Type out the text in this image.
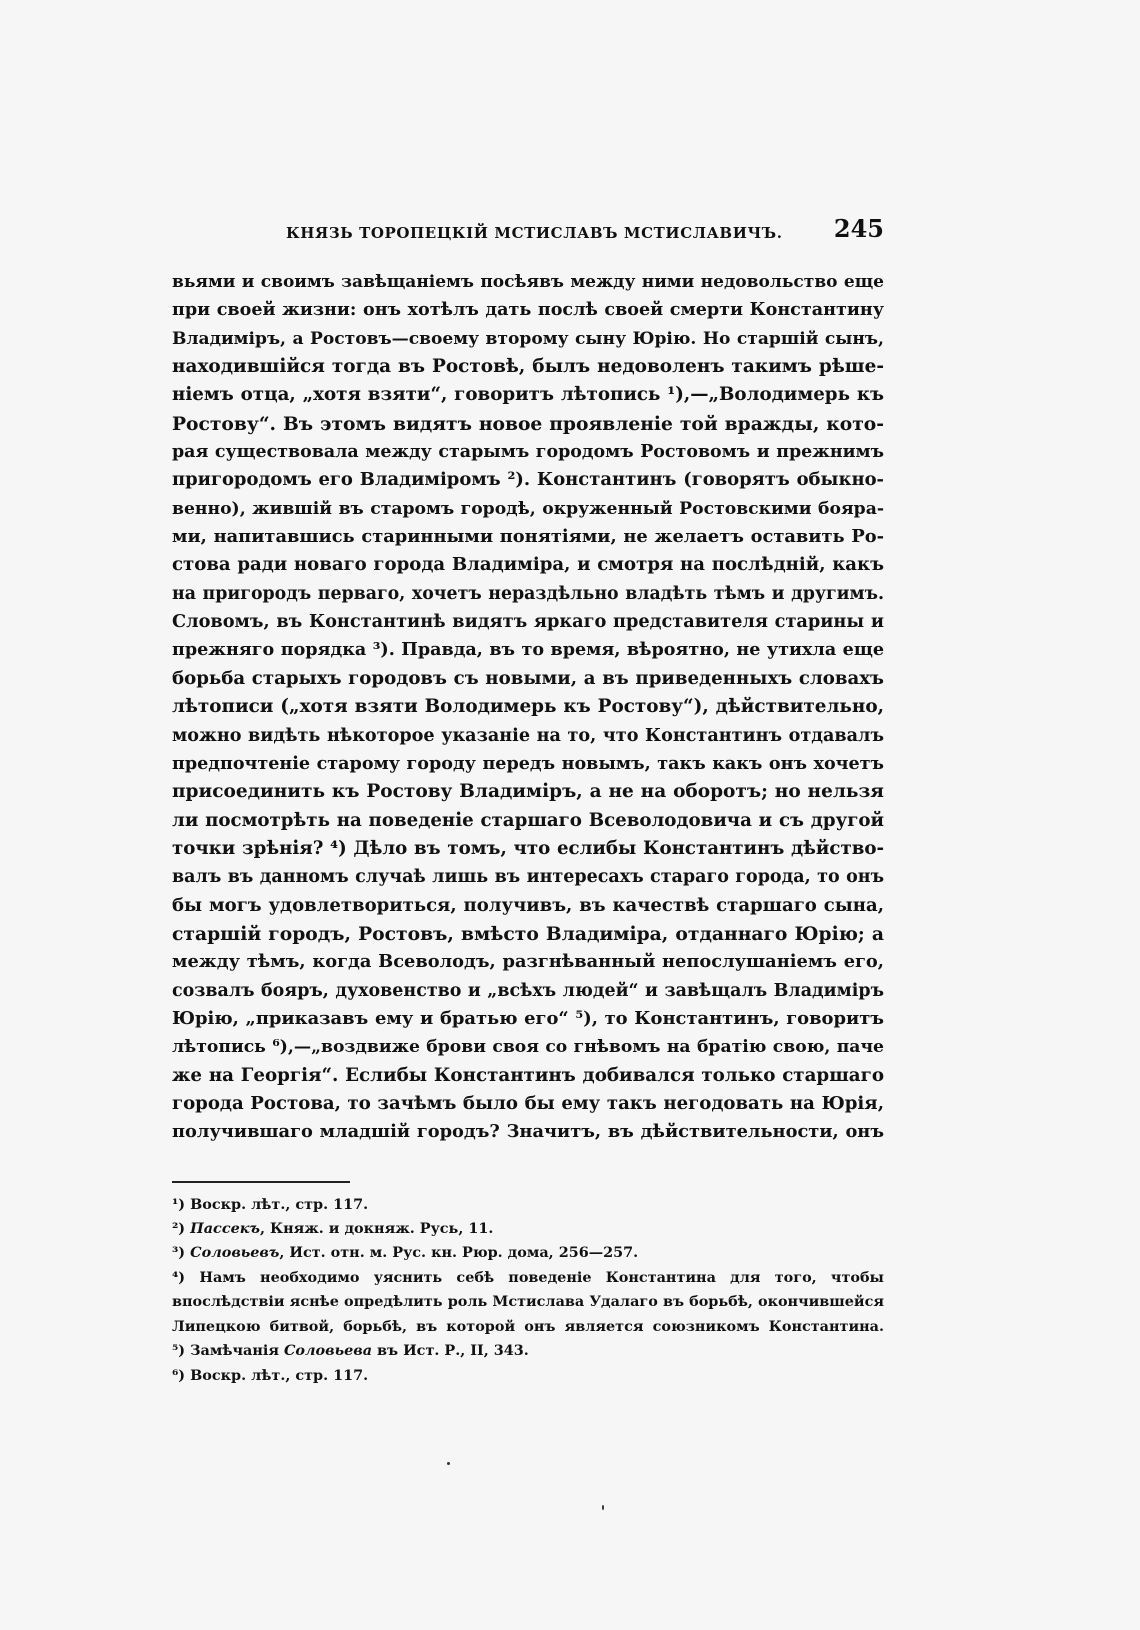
КНЯЗЬ ТОРОПЕЦКІЙ МСТИСЛАВЪ МСТИСЛАВИЧЪ. 245
вьями и своимъ завѣщаніемъ посѣявъ между ними недовольство еще
при своей жизни: онъ хотѣлъ дать послѣ своей смерти Константину
Владиміръ, а Ростовъ—своему второму сыну Юрію. Но старшій сынъ,
находившійся тогда въ Ростовѣ, былъ недоволенъ такимъ рѣше-
ніемъ отца, „хотя взяти“, говоритъ лѣтопись ¹),—„Володимерь къ
Ростову“. Въ этомъ видятъ новое проявленіе той вражды, кото-
рая существовала между старымъ городомъ Ростовомъ и прежнимъ
пригородомъ его Владиміромъ ²). Константинъ (говорятъ обыкно-
венно), жившій въ старомъ городѣ, окруженный Ростовскими бояра-
ми, напитавшись старинными понятіями, не желаетъ оставить Ро-
стова ради новаго города Владиміра, и смотря на послѣдній, какъ
на пригородъ перваго, хочетъ нераздѣльно владѣть тѣмъ и другимъ.
Словомъ, въ Константинѣ видятъ яркаго представителя старины и
прежняго порядка ³). Правда, въ то время, вѣроятно, не утихла еще
борьба старыхъ городовъ съ новыми, а въ приведенныхъ словахъ
лѣтописи („хотя взяти Володимерь къ Ростову“), дѣйствительно,
можно видѣть нѣкоторое указаніе на то, что Константинъ отдавалъ
предпочтеніе старому городу передъ новымъ, такъ какъ онъ хочетъ
присоединить къ Ростову Владиміръ, а не на оборотъ; но нельзя
ли посмотрѣть на поведеніе старшаго Всеволодовича и съ другой
точки зрѣнія? ⁴) Дѣло въ томъ, что еслибы Константинъ дѣйство-
валъ въ данномъ случаѣ лишь въ интересахъ стараго города, то онъ
бы могъ удовлетвориться, получивъ, въ качествѣ старшаго сына,
старшій городъ, Ростовъ, вмѣсто Владиміра, отданнаго Юрію; а
между тѣмъ, когда Всеволодъ, разгнѣванный непослушаніемъ его,
созвалъ бояръ, духовенство и „всѣхъ людей“ и завѣщалъ Владиміръ
Юрію, „приказавъ ему и братью его“ ⁵), то Константинъ, говоритъ
лѣтопись ⁶),—„воздвиже брови своя со гнѣвомъ на братію свою, паче
же на Георгія“. Еслибы Константинъ добивался только старшаго
города Ростова, то зачѣмъ было бы ему такъ негодовать на Юрія,
получившаго младшій городъ? Значитъ, въ дѣйствительности, онъ
¹) Воскр. лѣт., стр. 117.
²) Пассекъ, Княж. и докняж. Русь, 11.
³) Соловьевъ, Ист. отн. м. Рус. кн. Рюр. дома, 256—257.
⁴) Намъ необходимо уяснить себѣ поведеніе Константина для того, чтобы
впослѣдствіи яснѣе опредѣлить роль Мстислава Удалаго въ борьбѣ, окончившейся
Липецкою битвой, борьбѣ, въ которой онъ является союзникомъ Константина.
⁵) Замѣчанія Соловьева въ Ист. Р., II, 343.
⁶) Воскр. лѣт., стр. 117.
